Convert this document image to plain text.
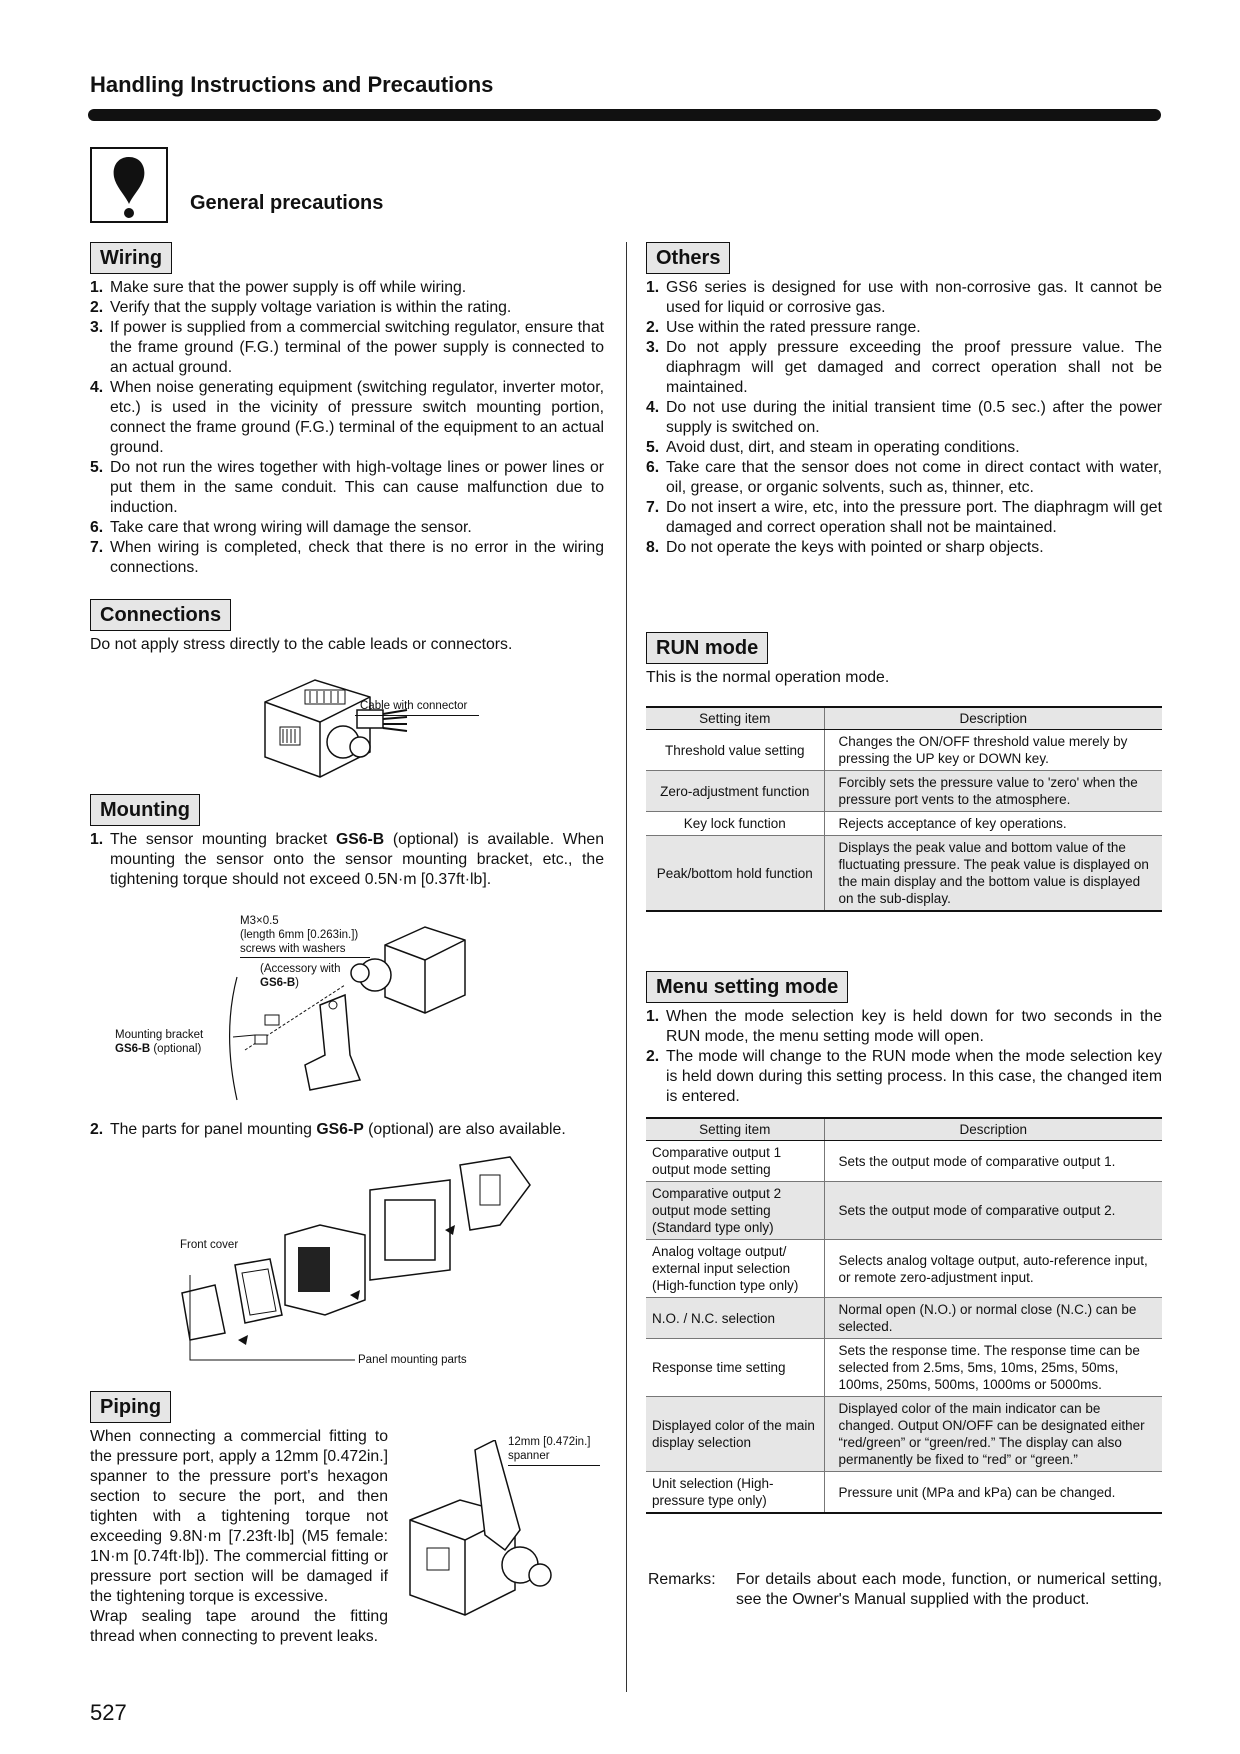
Handling Instructions and Precautions
General precautions
Wiring
1. Make sure that the power supply is off while wiring.
2. Verify that the supply voltage variation is within the rating.
3. If power is supplied from a commercial switching regulator, ensure that the frame ground (F.G.) terminal of the power supply is connected to an actual ground.
4. When noise generating equipment (switching regulator, inverter motor, etc.) is used in the vicinity of pressure switch mounting portion, connect the frame ground (F.G.) terminal of the equipment to an actual ground.
5. Do not run the wires together with high-voltage lines or power lines or put them in the same conduit. This can cause malfunction due to induction.
6. Take care that wrong wiring will damage the sensor.
7. When wiring is completed, check that there is no error in the wiring connections.
Connections
Do not apply stress directly to the cable leads or connectors.
Cable with connector
Mounting
1. The sensor mounting bracket GS6-B (optional) is available. When mounting the sensor onto the sensor mounting bracket, etc., the tightening torque should not exceed 0.5N·m [0.37ft·lb].
M3×0.5
(length 6mm [0.263in.])
screws with washers
(Accessory with
GS6-B)
Mounting bracket
GS6-B (optional)
2. The parts for panel mounting GS6-P (optional) are also available.
Front cover
Panel mounting parts
Piping
When connecting a commercial fitting to the pressure port, apply a 12mm [0.472in.] spanner to the pressure port's hexagon section to secure the port, and then tighten with a tightening torque not exceeding 9.8N·m [7.23ft·lb] (M5 female: 1N·m [0.74ft·lb]). The commercial fitting or pressure port section will be damaged if the tightening torque is excessive.
Wrap sealing tape around the fitting thread when connecting to prevent leaks.
12mm [0.472in.]
spanner
527
Others
1. GS6 series is designed for use with non-corrosive gas. It cannot be used for liquid or corrosive gas.
2. Use within the rated pressure range.
3. Do not apply pressure exceeding the proof pressure value. The diaphragm will get damaged and correct operation shall not be maintained.
4. Do not use during the initial transient time (0.5 sec.) after the power supply is switched on.
5. Avoid dust, dirt, and steam in operating conditions.
6. Take care that the sensor does not come in direct contact with water, oil, grease, or organic solvents, such as, thinner, etc.
7. Do not insert a wire, etc, into the pressure port. The diaphragm will get damaged and correct operation shall not be maintained.
8. Do not operate the keys with pointed or sharp objects.
RUN mode
This is the normal operation mode.
Setting item	Description
Threshold value setting	Changes the ON/OFF threshold value merely by pressing the UP key or DOWN key.
Zero-adjustment function	Forcibly sets the pressure value to 'zero' when the pressure port vents to the atmosphere.
Key lock function	Rejects acceptance of key operations.
Peak/bottom hold function	Displays the peak value and bottom value of the fluctuating pressure. The peak value is displayed on the main display and the bottom value is displayed on the sub-display.
Menu setting mode
1. When the mode selection key is held down for two seconds in the RUN mode, the menu setting mode will open.
2. The mode will change to the RUN mode when the mode selection key is held down during this setting process. In this case, the changed item is entered.
Setting item	Description
Comparative output 1 output mode setting	Sets the output mode of comparative output 1.
Comparative output 2 output mode setting (Standard type only)	Sets the output mode of comparative output 2.
Analog voltage output/ external input selection (High-function type only)	Selects analog voltage output, auto-reference input, or remote zero-adjustment input.
N.O. / N.C. selection	Normal open (N.O.) or normal close (N.C.) can be selected.
Response time setting	Sets the response time. The response time can be selected from 2.5ms, 5ms, 10ms, 25ms, 50ms, 100ms, 250ms, 500ms, 1000ms or 5000ms.
Displayed color of the main display selection	Displayed color of the main indicator can be changed. Output ON/OFF can be designated either “red/green” or “green/red.” The display can also permanently be fixed to “red” or “green.”
Unit selection (High-pressure type only)	Pressure unit (MPa and kPa) can be changed.
Remarks:	For details about each mode, function, or numerical setting, see the Owner's Manual supplied with the product.
